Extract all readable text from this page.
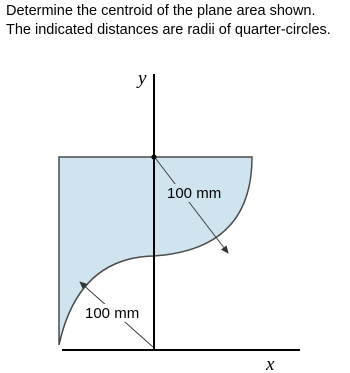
Determine the centroid of the plane area shown.
The indicated distances are radii of quarter-circles.
100 mm
100 mm
y
x
